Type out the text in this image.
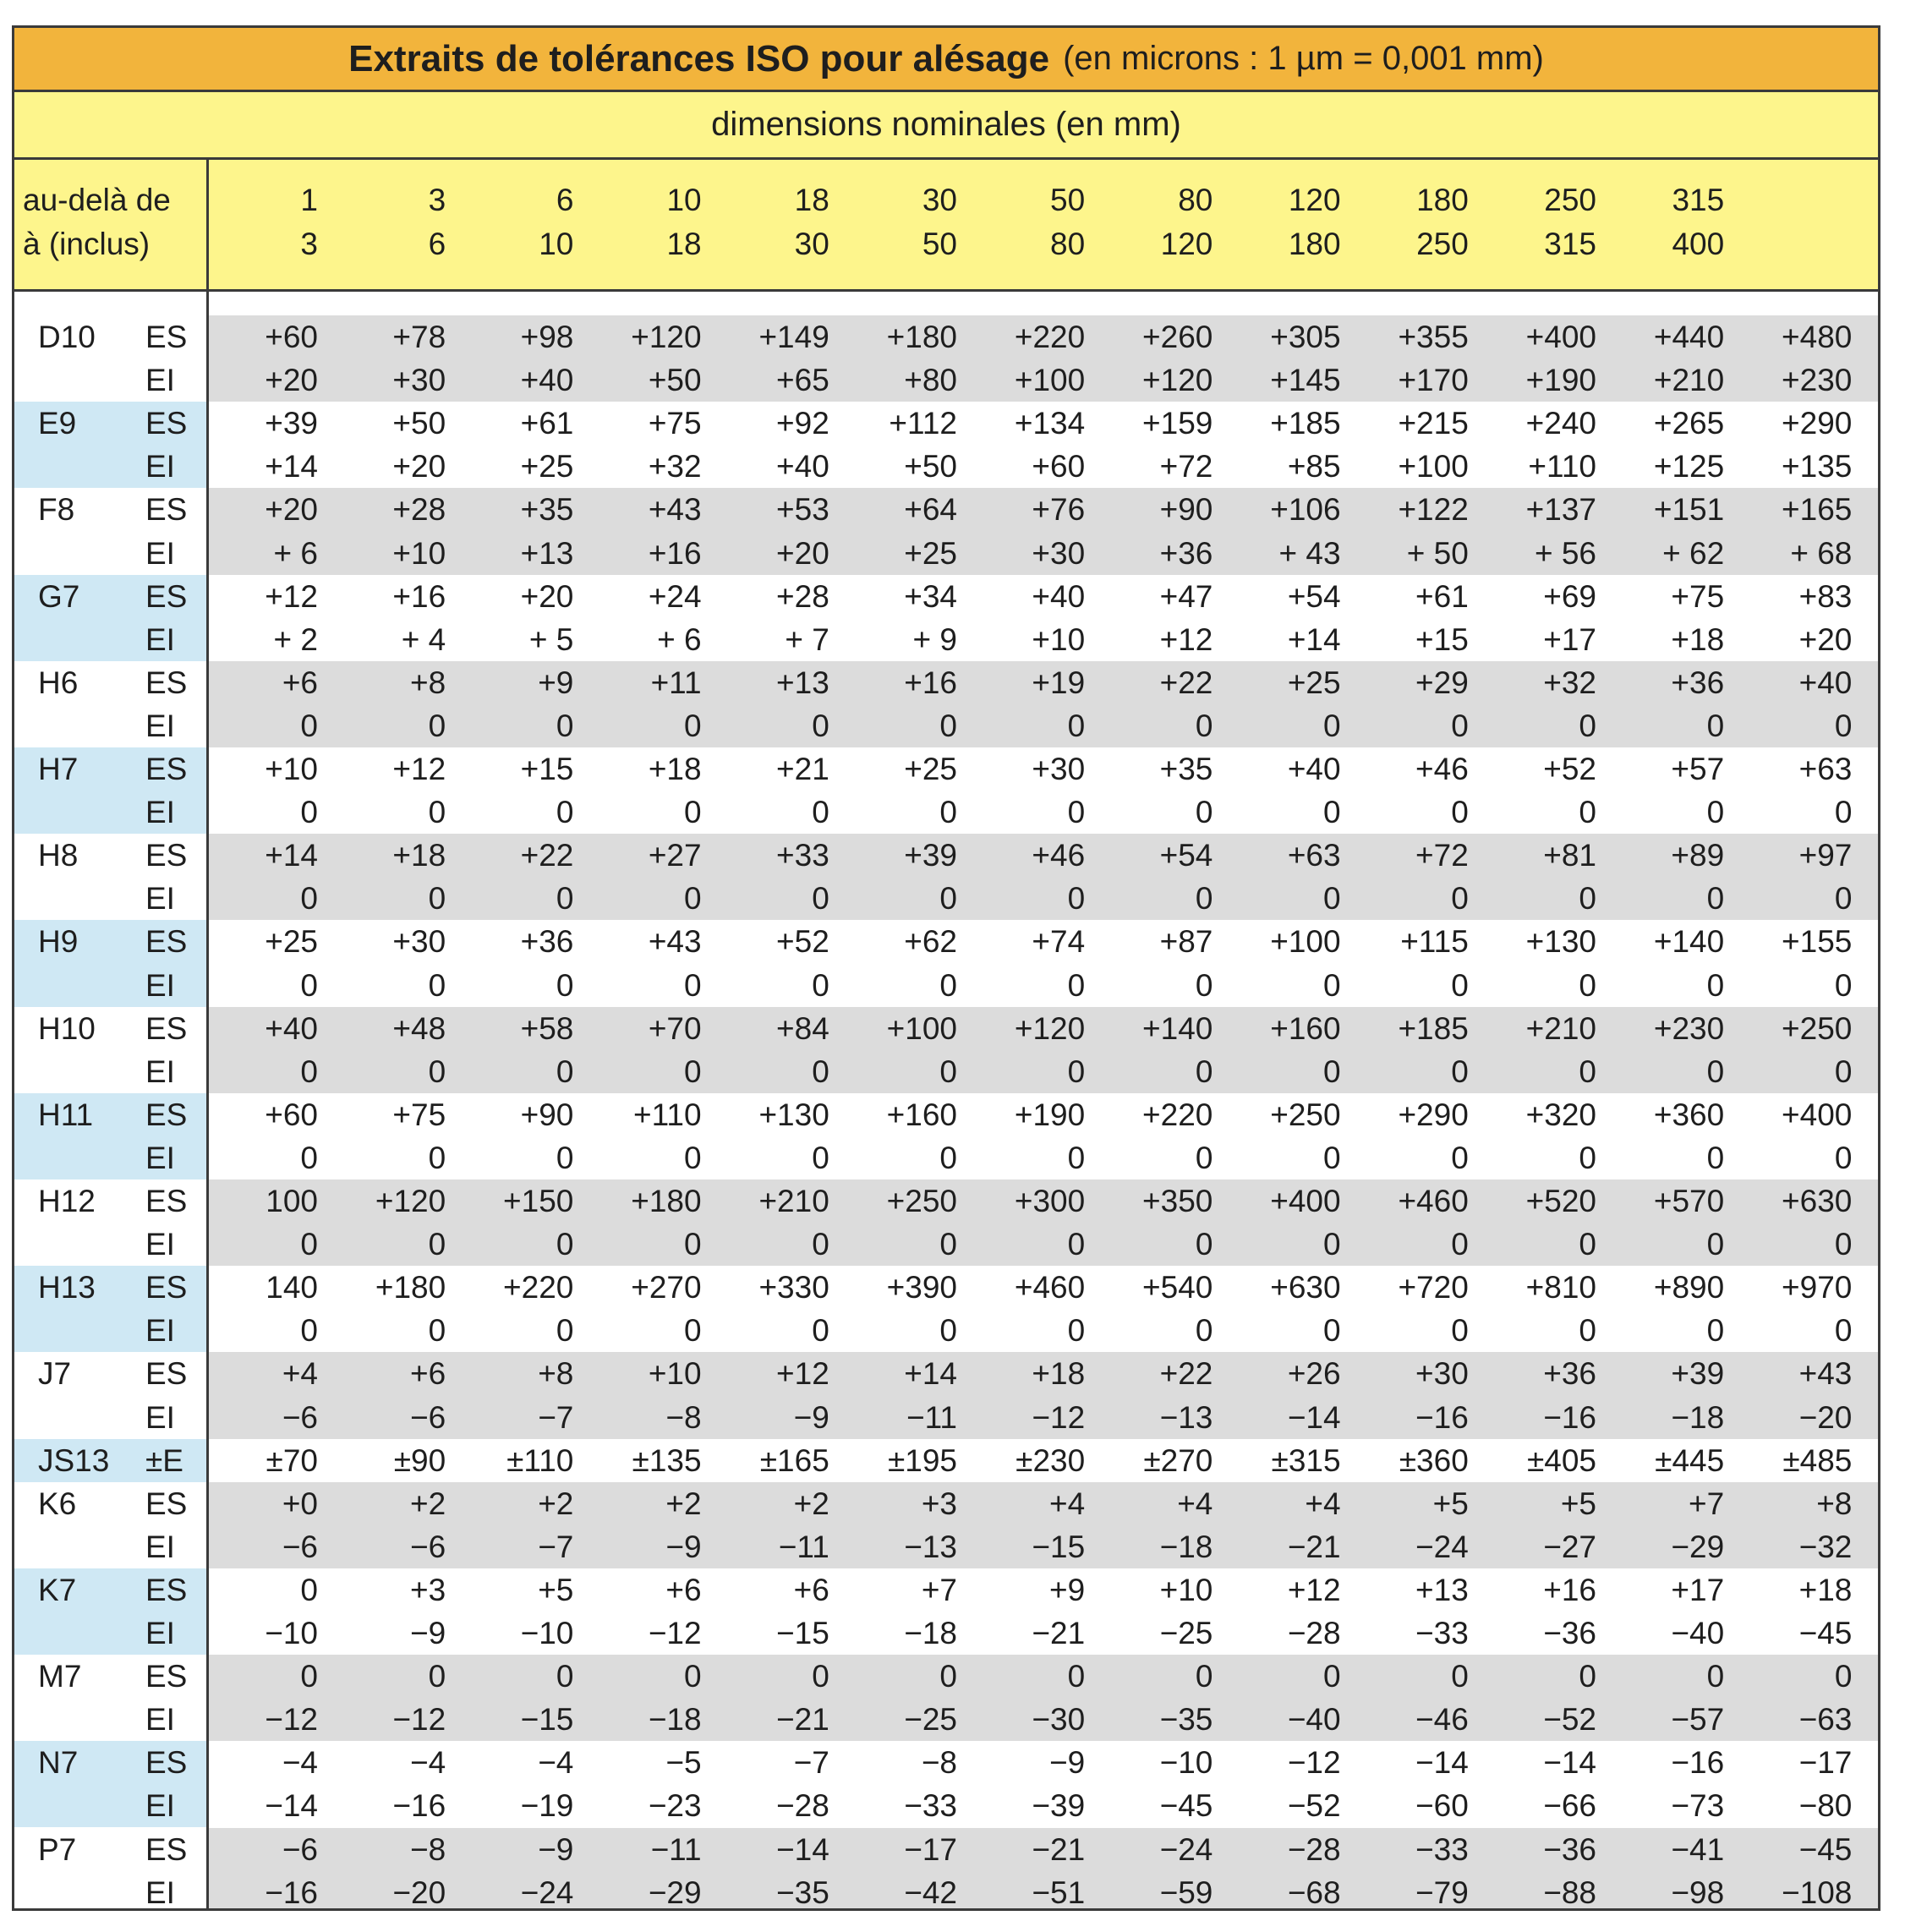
Extraits de tolérances ISO pour alésage (en microns : 1 µm = 0,001 mm)
dimensions nominales (en mm)
au-delà de
à (inclus)
1	3	6	10	18	30	50	80	120	180	250	315
3	6	10	18	30	50	80	120	180	250	315	400
D10 ES	+60	+78	+98	+120	+149	+180	+220	+260	+305	+355	+400	+440	+480
EI	+20	+30	+40	+50	+65	+80	+100	+120	+145	+170	+190	+210	+230
E9 ES	+39	+50	+61	+75	+92	+112	+134	+159	+185	+215	+240	+265	+290
EI	+14	+20	+25	+32	+40	+50	+60	+72	+85	+100	+110	+125	+135
F8 ES	+20	+28	+35	+43	+53	+64	+76	+90	+106	+122	+137	+151	+165
EI	+ 6	+10	+13	+16	+20	+25	+30	+36	+ 43	+ 50	+ 56	+ 62	+ 68
G7 ES	+12	+16	+20	+24	+28	+34	+40	+47	+54	+61	+69	+75	+83
EI	+ 2	+ 4	+ 5	+ 6	+ 7	+ 9	+10	+12	+14	+15	+17	+18	+20
H6 ES	+6	+8	+9	+11	+13	+16	+19	+22	+25	+29	+32	+36	+40
EI	0	0	0	0	0	0	0	0	0	0	0	0	0
H7 ES	+10	+12	+15	+18	+21	+25	+30	+35	+40	+46	+52	+57	+63
EI	0	0	0	0	0	0	0	0	0	0	0	0	0
H8 ES	+14	+18	+22	+27	+33	+39	+46	+54	+63	+72	+81	+89	+97
EI	0	0	0	0	0	0	0	0	0	0	0	0	0
H9 ES	+25	+30	+36	+43	+52	+62	+74	+87	+100	+115	+130	+140	+155
EI	0	0	0	0	0	0	0	0	0	0	0	0	0
H10 ES	+40	+48	+58	+70	+84	+100	+120	+140	+160	+185	+210	+230	+250
EI	0	0	0	0	0	0	0	0	0	0	0	0	0
H11 ES	+60	+75	+90	+110	+130	+160	+190	+220	+250	+290	+320	+360	+400
EI	0	0	0	0	0	0	0	0	0	0	0	0	0
H12 ES	100	+120	+150	+180	+210	+250	+300	+350	+400	+460	+520	+570	+630
EI	0	0	0	0	0	0	0	0	0	0	0	0	0
H13 ES	140	+180	+220	+270	+330	+390	+460	+540	+630	+720	+810	+890	+970
EI	0	0	0	0	0	0	0	0	0	0	0	0	0
J7 ES	+4	+6	+8	+10	+12	+14	+18	+22	+26	+30	+36	+39	+43
EI	−6	−6	−7	−8	−9	−11	−12	−13	−14	−16	−16	−18	−20
JS13 ±E	±70	±90	±110	±135	±165	±195	±230	±270	±315	±360	±405	±445	±485
K6 ES	+0	+2	+2	+2	+2	+3	+4	+4	+4	+5	+5	+7	+8
EI	−6	−6	−7	−9	−11	−13	−15	−18	−21	−24	−27	−29	−32
K7 ES	0	+3	+5	+6	+6	+7	+9	+10	+12	+13	+16	+17	+18
EI	−10	−9	−10	−12	−15	−18	−21	−25	−28	−33	−36	−40	−45
M7 ES	0	0	0	0	0	0	0	0	0	0	0	0	0
EI	−12	−12	−15	−18	−21	−25	−30	−35	−40	−46	−52	−57	−63
N7 ES	−4	−4	−4	−5	−7	−8	−9	−10	−12	−14	−14	−16	−17
EI	−14	−16	−19	−23	−28	−33	−39	−45	−52	−60	−66	−73	−80
P7 ES	−6	−8	−9	−11	−14	−17	−21	−24	−28	−33	−36	−41	−45
EI	−16	−20	−24	−29	−35	−42	−51	−59	−68	−79	−88	−98	−108
